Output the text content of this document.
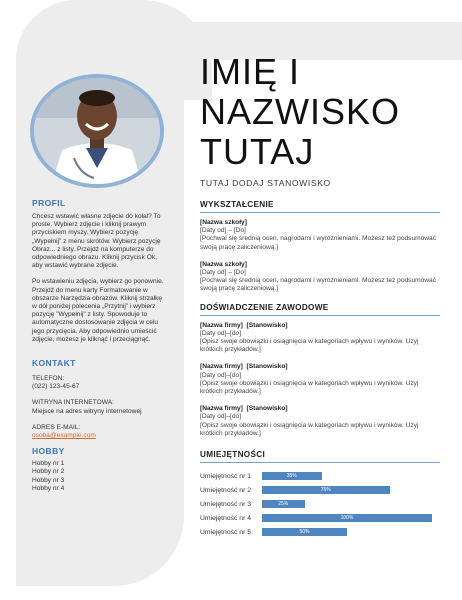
PROFIL

Chcesz wstawić własne zdjęcie do kołal? To proste. Wybierz zdjęcie i kliknij prawym przyciskiem myszy. Wybierz pozycję „Wypełnij” z menu skrótów. Wybierz pozycję Obraz... z listy. Przejdź na komputerze do odpowiedniego obrazu. Kliknij przycisk Ok, aby wstawić wybrane zdjęcie.

Po wstawieniu zdjęcia, wybierz go ponownie. Przejdź do menu karty Formatowanie w obszarze Narzędzia obrazów. Kliknij strzałkę w dół poniżej polecenia „Przytnij” i wybierz pozycję "Wypełnij" z listy. Spowoduje to automatyczne dostosowanie zdjęcia w celu jego przycięcia. Aby odpowiednio umieścić zdjęcie, możesz je kliknąć i przeciągnąć.

KONTAKT

TELEFON:
(022) 123-45-67

WITRYNA INTERNETOWA:
Miejsce na adres witryny internetowej

ADRES E-MAIL:
osoba@example.com

HOBBY
Hobby nr 1
Hobby nr 2
Hobby nr 3
Hobby nr 4
IMIĘ I
NAZWISKO
TUTAJ
TUTAJ DODAJ STANOWISKO
WYKSZTAŁCENIE

[Nazwa szkoły]
[Daty od] – [Do]
[Pochwal się średnią ocen, nagrodami i wyróżnieniami. Możesz też podsumować swoją pracę zaliczeniową.]

[Nazwa szkoły]
[Daty od] – [Do]
[Pochwal się średnią ocen, nagrodami i wyróżnieniami. Możesz też podsumować swoją pracę zaliczeniową.]

DOŚWIADCZENIE ZAWODOWE

[Nazwa firmy] [Stanowisko]
[Daty od]–[do]
[Opisz swoje obowiązki i osiągnięcia w kategoriach wpływu i wyników. Użyj krótkich przykładów.]

[Nazwa firmy] [Stanowisko]
[Daty od]–[do]
[Opisz swoje obowiązki i osiągnięcia w kategoriach wpływu i wyników. Użyj krótkich przykładów.]

[Nazwa firmy] [Stanowisko]
[Daty od]–[do]
[Opisz swoje obowiązki i osiągnięcia w kategoriach wpływu i wyników. Użyj krótkich przykładów.]

UMIEJĘTNOŚCI
Umiejętność nr 1	35%
Umiejętność nr 2	75%
Umiejętność nr 3	25%
Umiejętność nr 4	100%
Umiejętność nr 5	50%
